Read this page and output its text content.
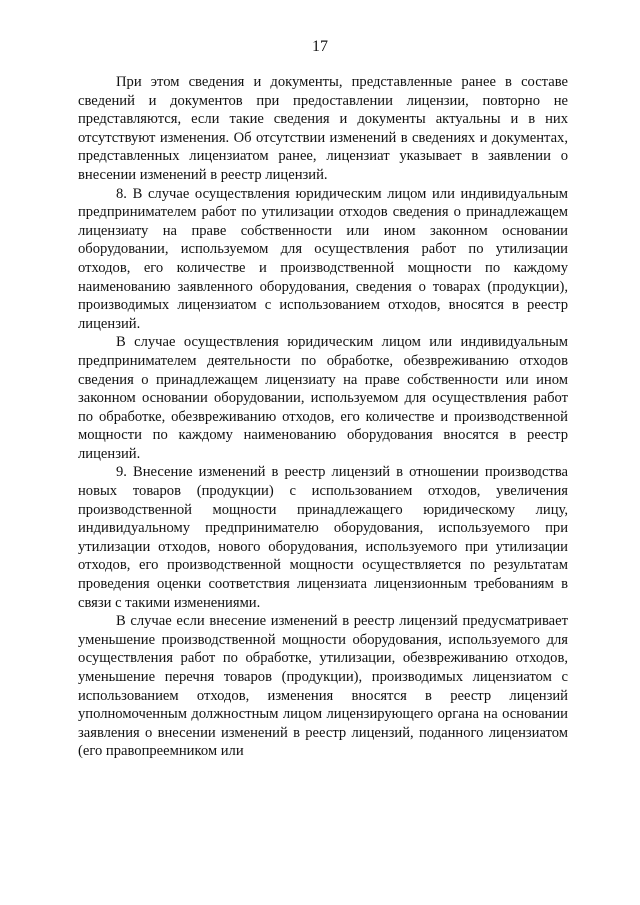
17

При этом сведения и документы, представленные ранее в составе сведений и документов при предоставлении лицензии, повторно не представляются, если такие сведения и документы актуальны и в них отсутствуют изменения. Об отсутствии изменений в сведениях и документах, представленных лицензиатом ранее, лицензиат указывает в заявлении о внесении изменений в реестр лицензий.

8. В случае осуществления юридическим лицом или индивидуальным предпринимателем работ по утилизации отходов сведения о принадлежащем лицензиату на праве собственности или ином законном основании оборудовании, используемом для осуществления работ по утилизации отходов, его количестве и производственной мощности по каждому наименованию заявленного оборудования, сведения о товарах (продукции), производимых лицензиатом с использованием отходов, вносятся в реестр лицензий.

В случае осуществления юридическим лицом или индивидуальным предпринимателем деятельности по обработке, обезвреживанию отходов сведения о принадлежащем лицензиату на праве собственности или ином законном основании оборудовании, используемом для осуществления работ по обработке, обезвреживанию отходов, его количестве и производственной мощности по каждому наименованию оборудования вносятся в реестр лицензий.

9. Внесение изменений в реестр лицензий в отношении производства новых товаров (продукции) с использованием отходов, увеличения производственной мощности принадлежащего юридическому лицу, индивидуальному предпринимателю оборудования, используемого при утилизации отходов, нового оборудования, используемого при утилизации отходов, его производственной мощности осуществляется по результатам проведения оценки соответствия лицензиата лицензионным требованиям в связи с такими изменениями.

В случае если внесение изменений в реестр лицензий предусматривает уменьшение производственной мощности оборудования, используемого для осуществления работ по обработке, утилизации, обезвреживанию отходов, уменьшение перечня товаров (продукции), производимых лицензиатом с использованием отходов, изменения вносятся в реестр лицензий уполномоченным должностным лицом лицензирующего органа на основании заявления о внесении изменений в реестр лицензий, поданного лицензиатом (его правопреемником или
